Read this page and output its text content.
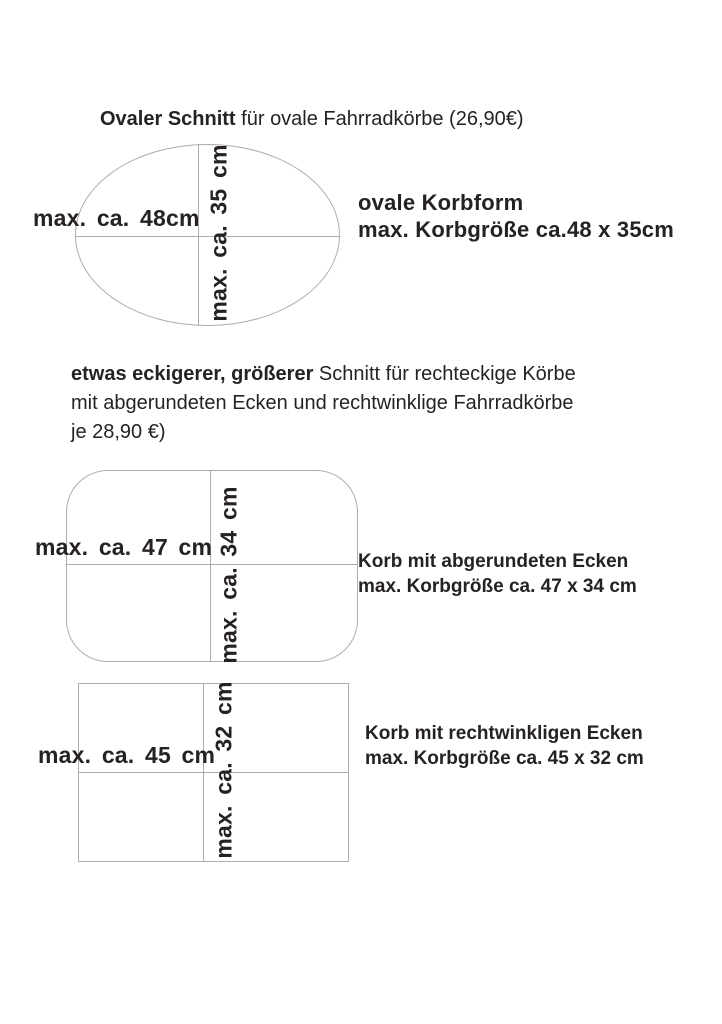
Ovaler Schnitt für ovale Fahrradkörbe (26,90€)
max. ca. 48cm max. ca. 35 cm	ovale Korbform
max. Korbgröße ca.48 x 35cm
etwas eckigerer, größerer Schnitt für rechteckige Körbe
mit abgerundeten Ecken und rechtwinklige Fahrradkörbe
je 28,90 €)
max. ca. 47 cm max. ca. 34 cm	Korb mit abgerundeten Ecken
max. Korbgröße ca. 47 x 34 cm
max. ca. 45 cm
max. ca. 32 cm	Korb mit rechtwinkligen Ecken
max. Korbgröße ca. 45 x 32 cm
